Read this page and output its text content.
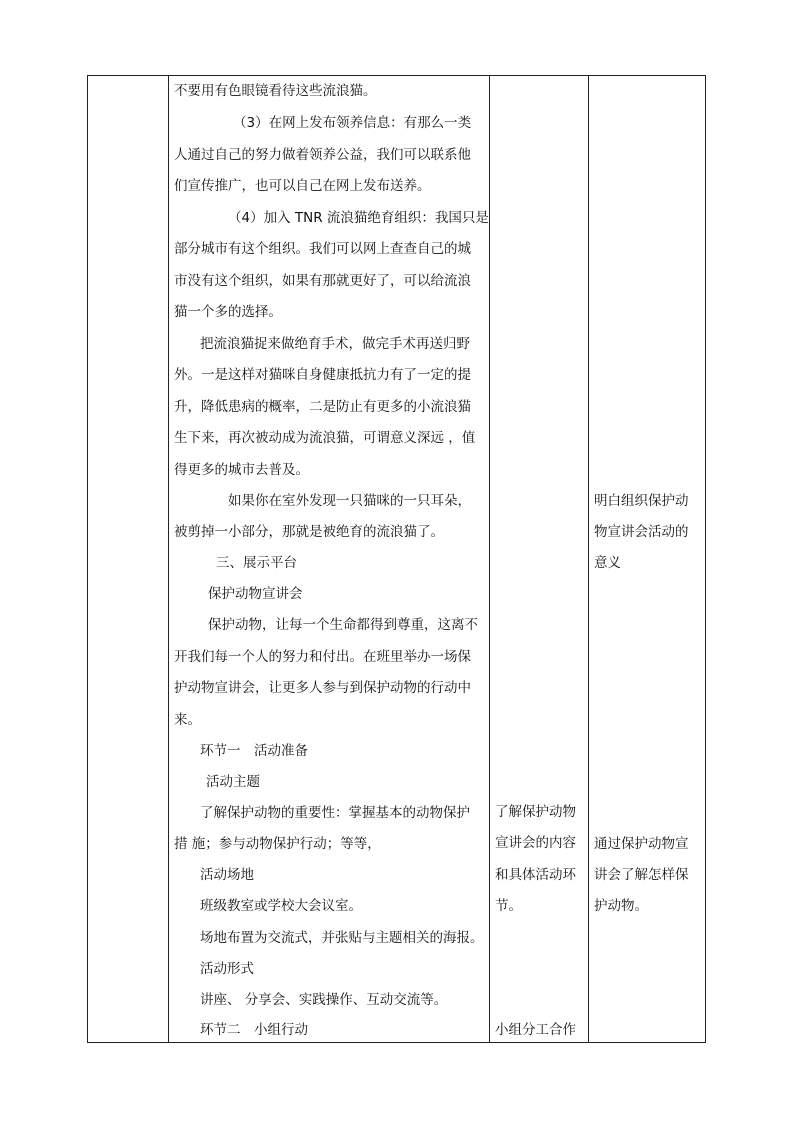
不要用有色眼镜看待这些流浪猫。
（3）在网上发布领养信息：有那么一类
人通过自己的努力做着领养公益，我们可以联系他
们宣传推广，也可以自己在网上发布送养。
（4）加入 TNR 流浪猫绝育组织：我国只是
部分城市有这个组织。我们可以网上查查自己的城
市没有这个组织，如果有那就更好了，可以给流浪
猫一个多的选择。
把流浪猫捉来做绝育手术，做完手术再送归野
外。一是这样对猫咪自身健康抵抗力有了一定的提
升，降低患病的概率，二是防止有更多的小流浪猫
生下来，再次被动成为流浪猫，可谓意义深远 ，值
得更多的城市去普及。
如果你在室外发现一只猫咪的一只耳朵，
被剪掉一小部分，那就是被绝育的流浪猫了。
三、展示平台
保护动物宣讲会
保护动物，让每一个生命都得到尊重，这离不
开我们每一个人的努力和付出。在班里举办一场保
护动物宣讲会，让更多人参与到保护动物的行动中
来。
环节一　活动准备
活动主题
了解保护动物的重要性：掌握基本的动物保护
措 施；参与动物保护行动；等等，
活动场地
班级教室或学校大会议室。
场地布置为交流式，并张贴与主题相关的海报。
活动形式
讲座、 分享会、实践操作、互动交流等。
环节二　小组行动
了解保护动物
宣讲会的内容
和具体活动环
节。
小组分工合作
明白组织保护动
物宣讲会活动的
意义
通过保护动物宣
讲会了解怎样保
护动物。
